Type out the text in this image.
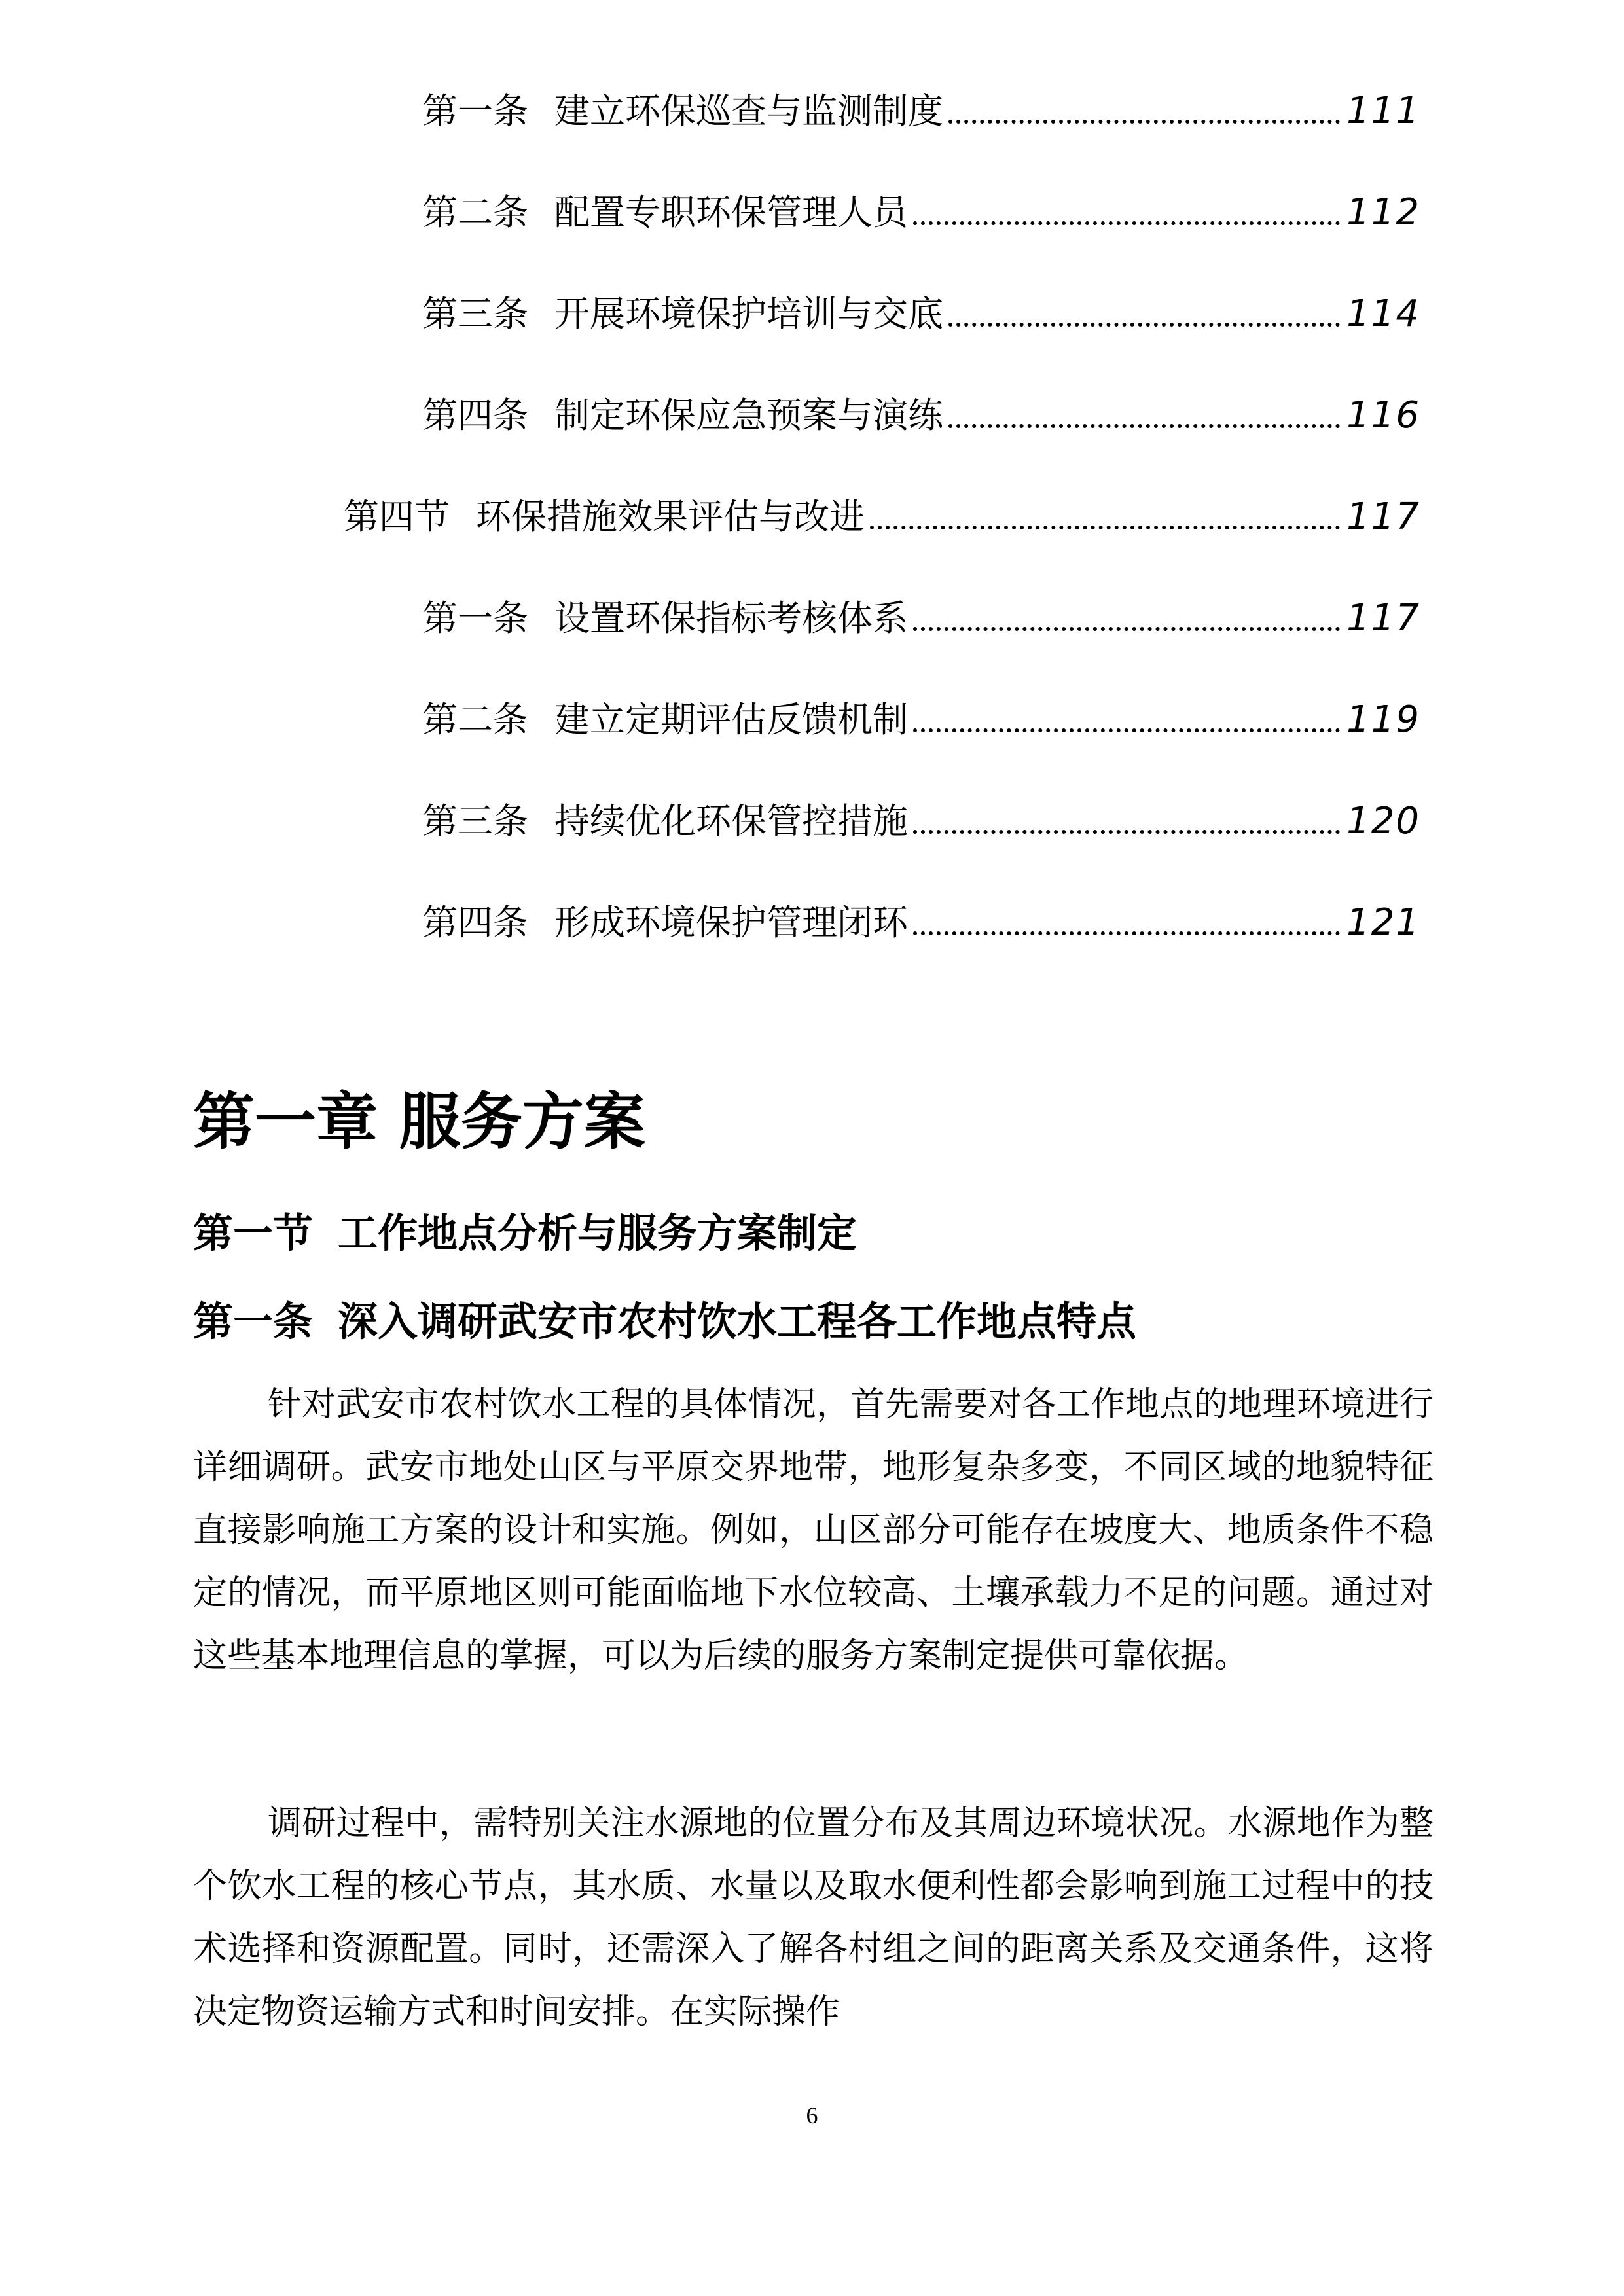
第一条 建立环保巡查与监测制度	111
第二条 配置专职环保管理人员	112
第三条 开展环境保护培训与交底	114
第四条 制定环保应急预案与演练	116
第四节 环保措施效果评估与改进	117
第一条 设置环保指标考核体系	117
第二条 建立定期评估反馈机制	119
第三条 持续优化环保管控措施	120
第四条 形成环境保护管理闭环	121
第一章 服务方案
第一节 工作地点分析与服务方案制定
第一条 深入调研武安市农村饮水工程各工作地点特点

针对武安市农村饮水工程的具体情况，首先需要对各工作地点的地理环境进行详细调研。武安市地处山区与平原交界地带，地形复杂多变，不同区域的地貌特征直接影响施工方案的设计和实施。例如，山区部分可能存在坡度大、地质条件不稳定的情况，而平原地区则可能面临地下水位较高、土壤承载力不足的问题。通过对这些基本地理信息的掌握，可以为后续的服务方案制定提供可靠依据。

调研过程中，需特别关注水源地的位置分布及其周边环境状况。水源地作为整个饮水工程的核心节点，其水质、水量以及取水便利性都会影响到施工过程中的技术选择和资源配置。同时，还需深入了解各村组之间的距离关系及交通条件，这将决定物资运输方式和时间安排。在实际操作

6
